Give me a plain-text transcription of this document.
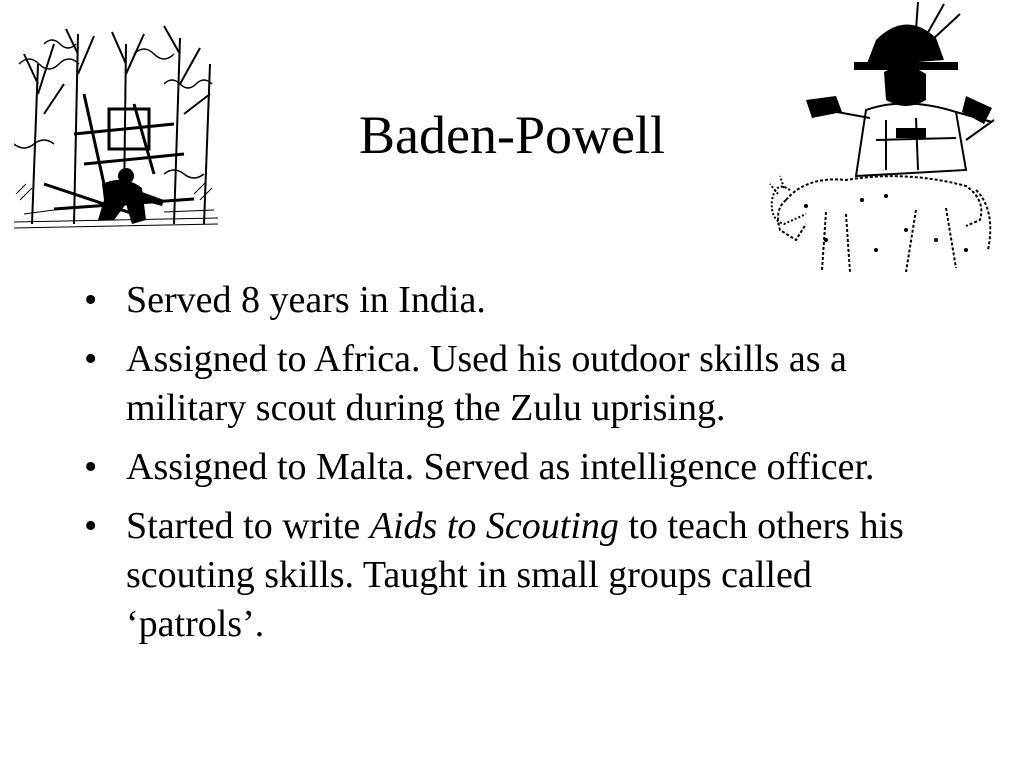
Baden-Powell
• Served 8 years in India.
• Assigned to Africa. Used his outdoor skills as a military scout during the Zulu uprising.
• Assigned to Malta. Served as intelligence officer.
• Started to write Aids to Scouting to teach others his scouting skills. Taught in small groups called ‘patrols’.
